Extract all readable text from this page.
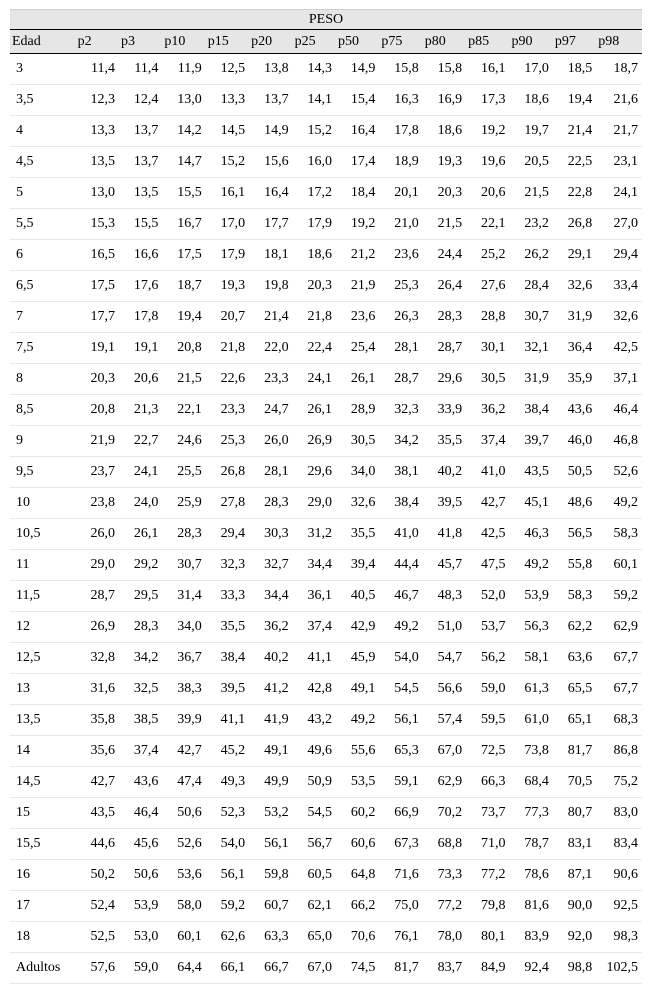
PESO													
Edad	p2	p3	p10	p15	p20	p25	p50	p75	p80	p85	p90	p97	p98
3	11,4	11,4	11,9	12,5	13,8	14,3	14,9	15,8	15,8	16,1	17,0	18,5	18,7
3,5	12,3	12,4	13,0	13,3	13,7	14,1	15,4	16,3	16,9	17,3	18,6	19,4	21,6
4	13,3	13,7	14,2	14,5	14,9	15,2	16,4	17,8	18,6	19,2	19,7	21,4	21,7
4,5	13,5	13,7	14,7	15,2	15,6	16,0	17,4	18,9	19,3	19,6	20,5	22,5	23,1
5	13,0	13,5	15,5	16,1	16,4	17,2	18,4	20,1	20,3	20,6	21,5	22,8	24,1
5,5	15,3	15,5	16,7	17,0	17,7	17,9	19,2	21,0	21,5	22,1	23,2	26,8	27,0
6	16,5	16,6	17,5	17,9	18,1	18,6	21,2	23,6	24,4	25,2	26,2	29,1	29,4
6,5	17,5	17,6	18,7	19,3	19,8	20,3	21,9	25,3	26,4	27,6	28,4	32,6	33,4
7	17,7	17,8	19,4	20,7	21,4	21,8	23,6	26,3	28,3	28,8	30,7	31,9	32,6
7,5	19,1	19,1	20,8	21,8	22,0	22,4	25,4	28,1	28,7	30,1	32,1	36,4	42,5
8	20,3	20,6	21,5	22,6	23,3	24,1	26,1	28,7	29,6	30,5	31,9	35,9	37,1
8,5	20,8	21,3	22,1	23,3	24,7	26,1	28,9	32,3	33,9	36,2	38,4	43,6	46,4
9	21,9	22,7	24,6	25,3	26,0	26,9	30,5	34,2	35,5	37,4	39,7	46,0	46,8
9,5	23,7	24,1	25,5	26,8	28,1	29,6	34,0	38,1	40,2	41,0	43,5	50,5	52,6
10	23,8	24,0	25,9	27,8	28,3	29,0	32,6	38,4	39,5	42,7	45,1	48,6	49,2
10,5	26,0	26,1	28,3	29,4	30,3	31,2	35,5	41,0	41,8	42,5	46,3	56,5	58,3
11	29,0	29,2	30,7	32,3	32,7	34,4	39,4	44,4	45,7	47,5	49,2	55,8	60,1
11,5	28,7	29,5	31,4	33,3	34,4	36,1	40,5	46,7	48,3	52,0	53,9	58,3	59,2
12	26,9	28,3	34,0	35,5	36,2	37,4	42,9	49,2	51,0	53,7	56,3	62,2	62,9
12,5	32,8	34,2	36,7	38,4	40,2	41,1	45,9	54,0	54,7	56,2	58,1	63,6	67,7
13	31,6	32,5	38,3	39,5	41,2	42,8	49,1	54,5	56,6	59,0	61,3	65,5	67,7
13,5	35,8	38,5	39,9	41,1	41,9	43,2	49,2	56,1	57,4	59,5	61,0	65,1	68,3
14	35,6	37,4	42,7	45,2	49,1	49,6	55,6	65,3	67,0	72,5	73,8	81,7	86,8
14,5	42,7	43,6	47,4	49,3	49,9	50,9	53,5	59,1	62,9	66,3	68,4	70,5	75,2
15	43,5	46,4	50,6	52,3	53,2	54,5	60,2	66,9	70,2	73,7	77,3	80,7	83,0
15,5	44,6	45,6	52,6	54,0	56,1	56,7	60,6	67,3	68,8	71,0	78,7	83,1	83,4
16	50,2	50,6	53,6	56,1	59,8	60,5	64,8	71,6	73,3	77,2	78,6	87,1	90,6
17	52,4	53,9	58,0	59,2	60,7	62,1	66,2	75,0	77,2	79,8	81,6	90,0	92,5
18	52,5	53,0	60,1	62,6	63,3	65,0	70,6	76,1	78,0	80,1	83,9	92,0	98,3
Adultos	57,6	59,0	64,4	66,1	66,7	67,0	74,5	81,7	83,7	84,9	92,4	98,8	102,5
